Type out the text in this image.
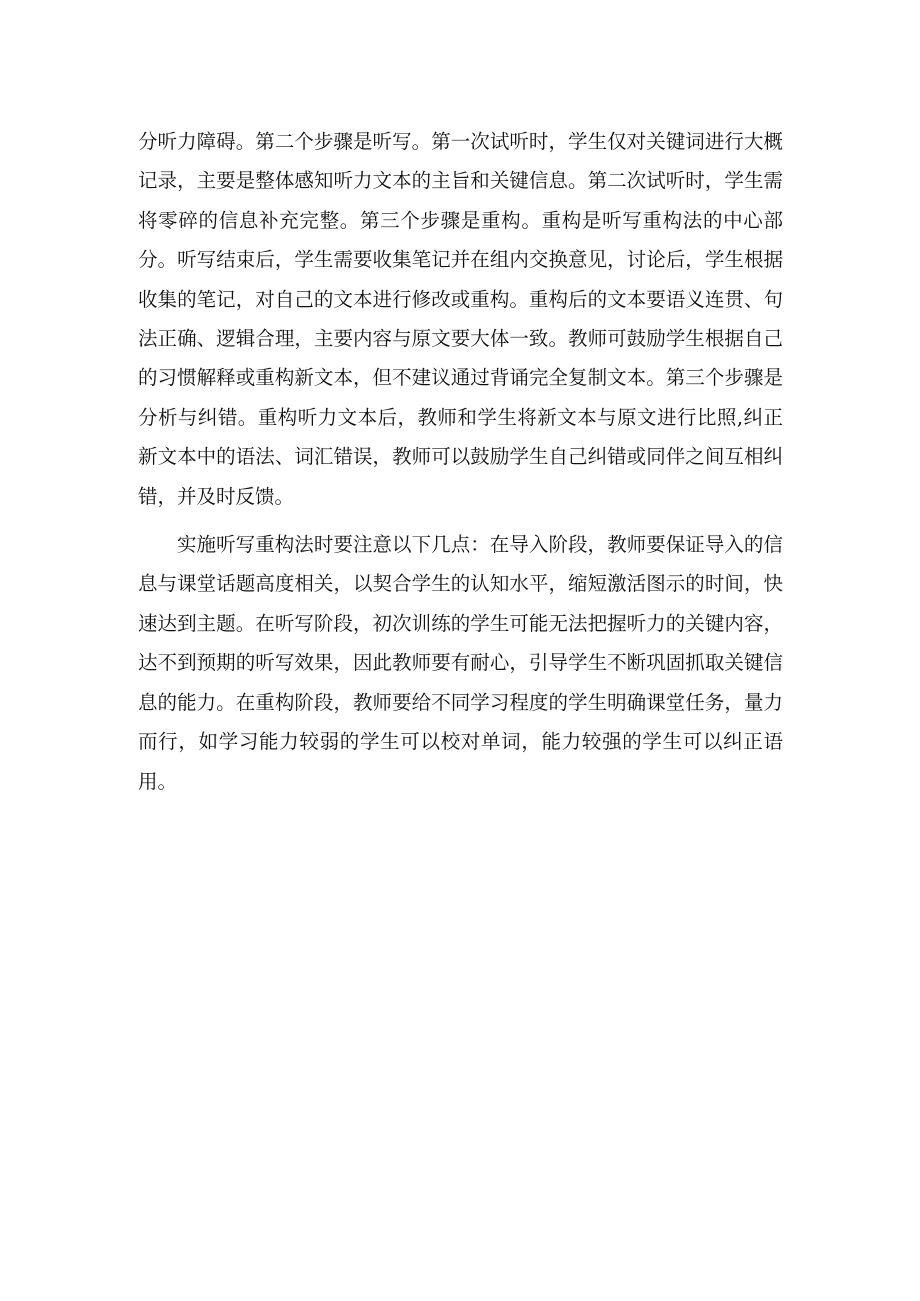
分听力障碍。第二个步骤是听写。第一次试听时，学生仅对关键词进行大概记录，主要是整体感知听力文本的主旨和关键信息。第二次试听时，学生需将零碎的信息补充完整。第三个步骤是重构。重构是听写重构法的中心部分。听写结束后，学生需要收集笔记并在组内交换意见，讨论后，学生根据收集的笔记，对自己的文本进行修改或重构。重构后的文本要语义连贯、句法正确、逻辑合理，主要内容与原文要大体一致。教师可鼓励学生根据自己的习惯解释或重构新文本，但不建议通过背诵完全复制文本。第三个步骤是分析与纠错。重构听力文本后，教师和学生将新文本与原文进行比照,纠正新文本中的语法、词汇错误，教师可以鼓励学生自己纠错或同伴之间互相纠错，并及时反馈。

实施听写重构法时要注意以下几点：在导入阶段，教师要保证导入的信息与课堂话题高度相关，以契合学生的认知水平，缩短激活图示的时间，快速达到主题。在听写阶段，初次训练的学生可能无法把握听力的关键内容，达不到预期的听写效果，因此教师要有耐心，引导学生不断巩固抓取关键信息的能力。在重构阶段，教师要给不同学习程度的学生明确课堂任务，量力而行，如学习能力较弱的学生可以校对单词，能力较强的学生可以纠正语用。
